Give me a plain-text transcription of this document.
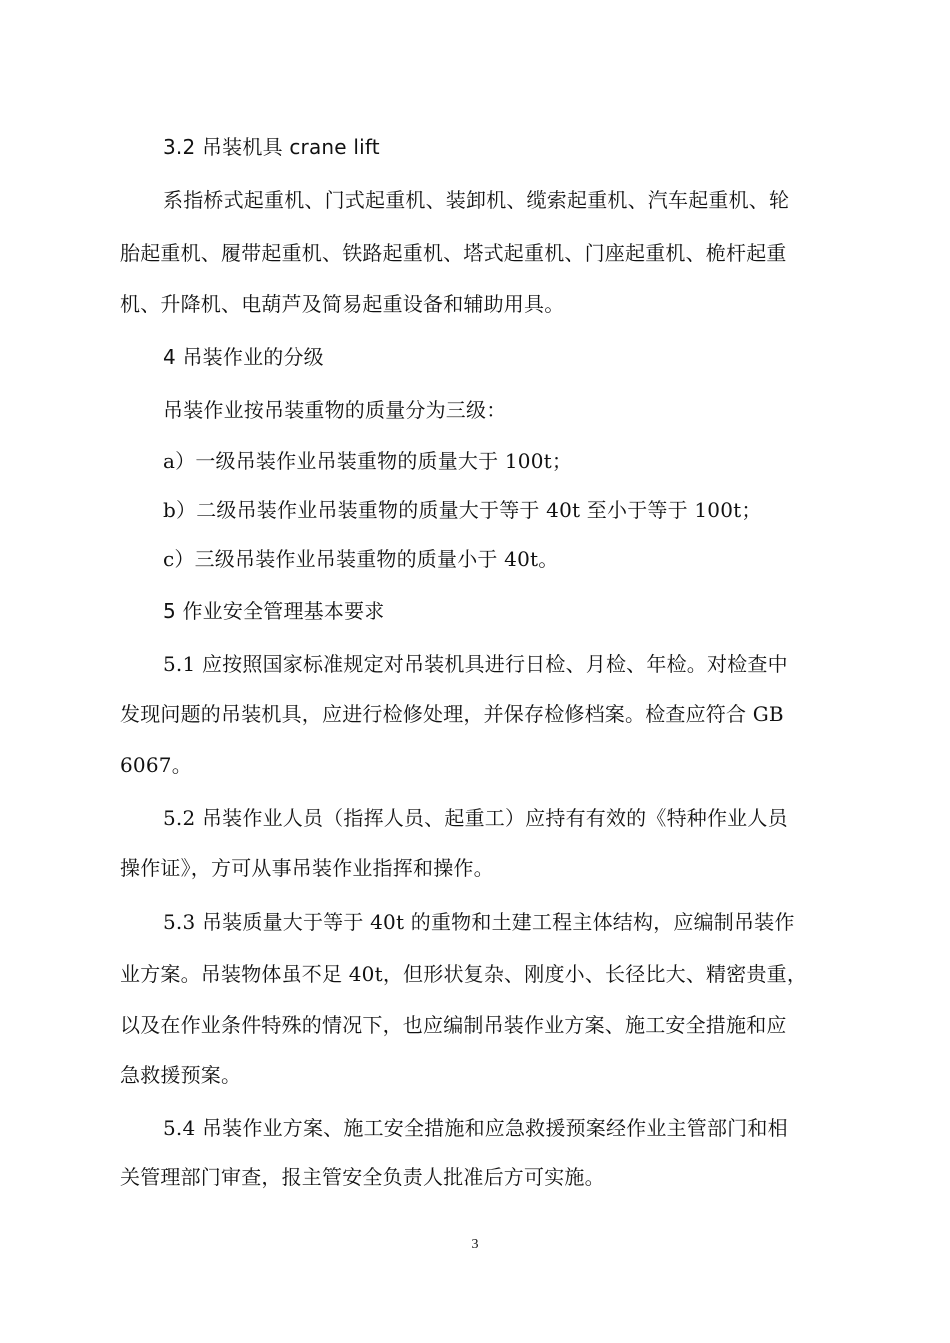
3.2 吊装机具 crane lift
系指桥式起重机、门式起重机、装卸机、缆索起重机、汽车起重机、轮
胎起重机、履带起重机、铁路起重机、塔式起重机、门座起重机、桅杆起重
机、升降机、电葫芦及简易起重设备和辅助用具。
4 吊装作业的分级
吊装作业按吊装重物的质量分为三级：
a）一级吊装作业吊装重物的质量大于 100t；
b）二级吊装作业吊装重物的质量大于等于 40t 至小于等于 100t；
c）三级吊装作业吊装重物的质量小于 40t。
5 作业安全管理基本要求
5.1 应按照国家标准规定对吊装机具进行日检、月检、年检。对检查中
发现问题的吊装机具，应进行检修处理，并保存检修档案。检查应符合 GB
6067。
5.2 吊装作业人员（指挥人员、起重工）应持有有效的《特种作业人员
操作证》，方可从事吊装作业指挥和操作。
5.3 吊装质量大于等于 40t 的重物和土建工程主体结构，应编制吊装作
业方案。吊装物体虽不足 40t，但形状复杂、刚度小、长径比大、精密贵重，
以及在作业条件特殊的情况下，也应编制吊装作业方案、施工安全措施和应
急救援预案。
5.4 吊装作业方案、施工安全措施和应急救援预案经作业主管部门和相
关管理部门审查，报主管安全负责人批准后方可实施。
3
